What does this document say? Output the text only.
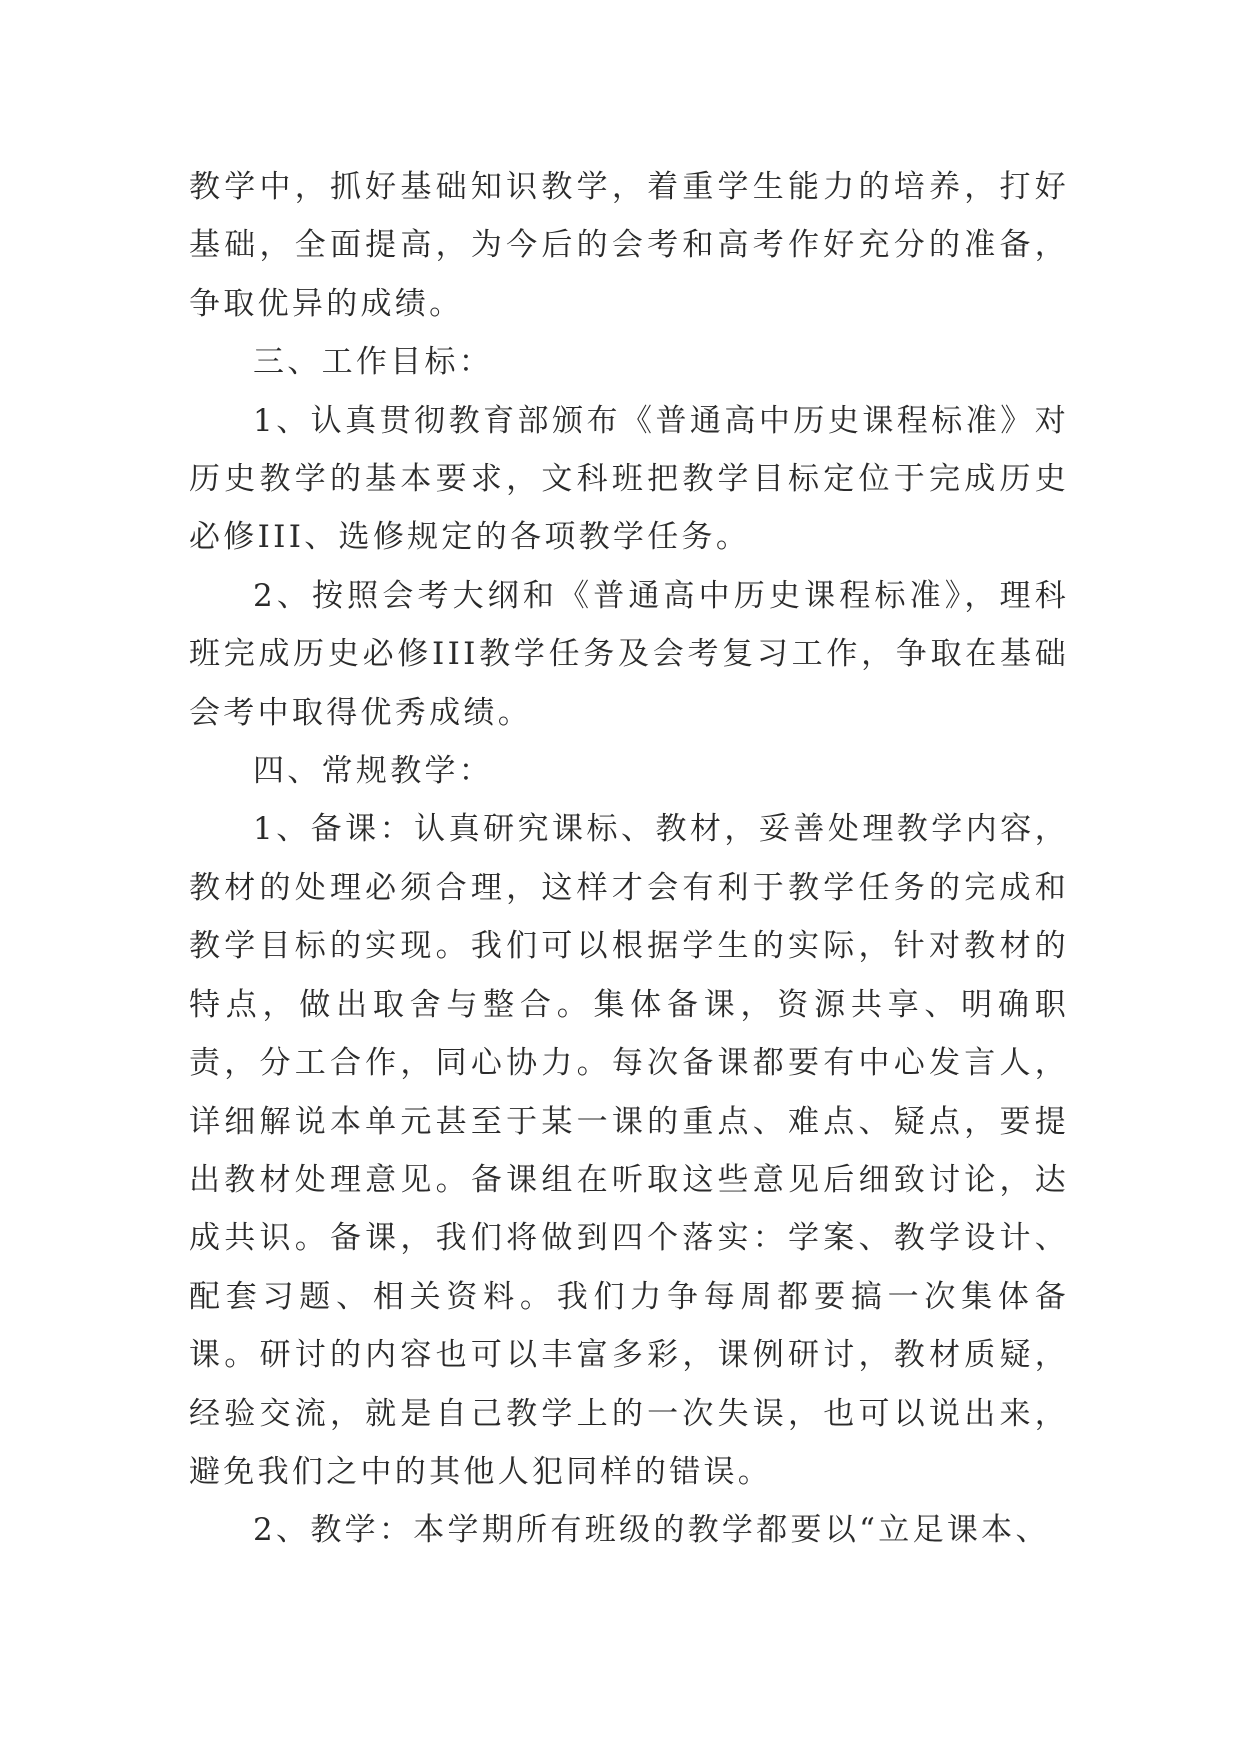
教学中，抓好基础知识教学，着重学生能力的培养，打好基础，全面提高，为今后的会考和高考作好充分的准备，争取优异的成绩。

三、工作目标：

1、认真贯彻教育部颁布《普通高中历史课程标准》对历史教学的基本要求，文科班把教学目标定位于完成历史必修III、选修规定的各项教学任务。

2、按照会考大纲和《普通高中历史课程标准》，理科班完成历史必修III教学任务及会考复习工作，争取在基础会考中取得优秀成绩。

四、常规教学：

1、备课：认真研究课标、教材，妥善处理教学内容，教材的处理必须合理，这样才会有利于教学任务的完成和教学目标的实现。我们可以根据学生的实际，针对教材的特点，做出取舍与整合。集体备课，资源共享、明确职责，分工合作，同心协力。每次备课都要有中心发言人，详细解说本单元甚至于某一课的重点、难点、疑点，要提出教材处理意见。备课组在听取这些意见后细致讨论，达成共识。备课，我们将做到四个落实：学案、教学设计、配套习题、相关资料。我们力争每周都要搞一次集体备课。研讨的内容也可以丰富多彩，课例研讨，教材质疑，经验交流，就是自己教学上的一次失误，也可以说出来，避免我们之中的其他人犯同样的错误。

2、教学：本学期所有班级的教学都要以“立足课本、
